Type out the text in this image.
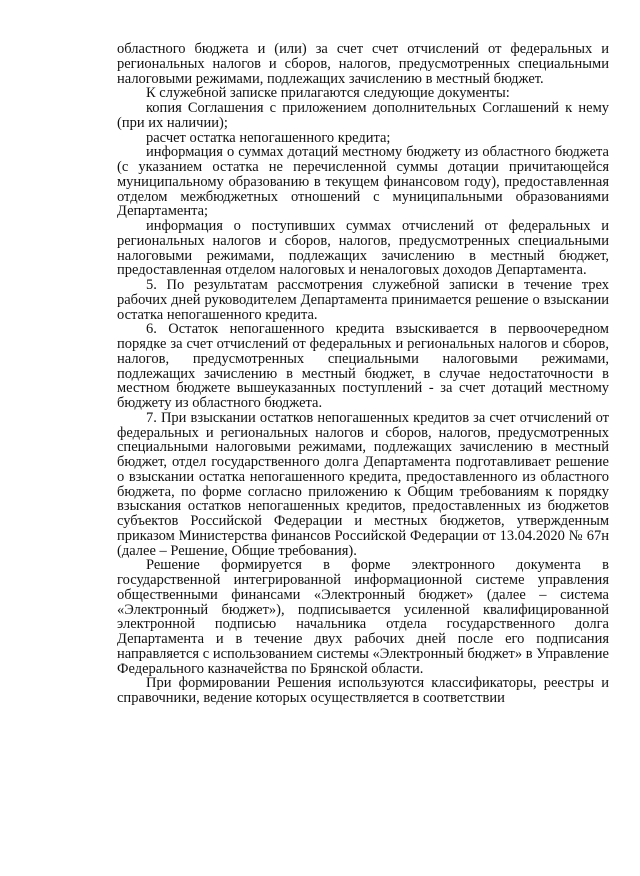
областного бюджета и (или) за счет счет отчислений от федеральных и региональных налогов и сборов, налогов, предусмотренных специальными налоговыми режимами, подлежащих зачислению в местный бюджет.

К служебной записке прилагаются следующие документы:

копия Соглашения с приложением дополнительных Соглашений к нему (при их наличии);

расчет остатка непогашенного кредита;

информация о суммах дотаций местному бюджету из областного бюджета (с указанием остатка не перечисленной суммы дотации причитающейся муниципальному образованию в текущем финансовом году), предоставленная отделом межбюджетных отношений с муниципальными образованиями Департамента;

информация о поступивших суммах отчислений от федеральных и региональных налогов и сборов, налогов, предусмотренных специальными налоговыми режимами, подлежащих зачислению в местный бюджет, предоставленная отделом налоговых и неналоговых доходов Департамента.

5. По результатам рассмотрения служебной записки в течение трех рабочих дней руководителем Департамента принимается решение о взыскании остатка непогашенного кредита.

6. Остаток непогашенного кредита взыскивается в первоочередном порядке за счет отчислений от федеральных и региональных налогов и сборов, налогов, предусмотренных специальными налоговыми режимами, подлежащих зачислению в местный бюджет, в случае недостаточности в местном бюджете вышеуказанных поступлений - за счет дотаций местному бюджету из областного бюджета.

7. При взыскании остатков непогашенных кредитов за счет отчислений от федеральных и региональных налогов и сборов, налогов, предусмотренных специальными налоговыми режимами, подлежащих зачислению в местный бюджет, отдел государственного долга Департамента подготавливает решение о взыскании остатка непогашенного кредита, предоставленного из областного бюджета, по форме согласно приложению к Общим требованиям к порядку взыскания остатков непогашенных кредитов, предоставленных из бюджетов субъектов Российской Федерации и местных бюджетов, утвержденным приказом Министерства финансов Российской Федерации от 13.04.2020 № 67н (далее – Решение, Общие требования).

Решение формируется в форме электронного документа в государственной интегрированной информационной системе управления общественными финансами «Электронный бюджет» (далее – система «Электронный бюджет»), подписывается усиленной квалифицированной электронной подписью начальника отдела государственного долга Департамента и в течение двух рабочих дней после его подписания направляется с использованием системы «Электронный бюджет» в Управление Федерального казначейства по Брянской области.

При формировании Решения используются классификаторы, реестры и справочники, ведение которых осуществляется в соответствии
